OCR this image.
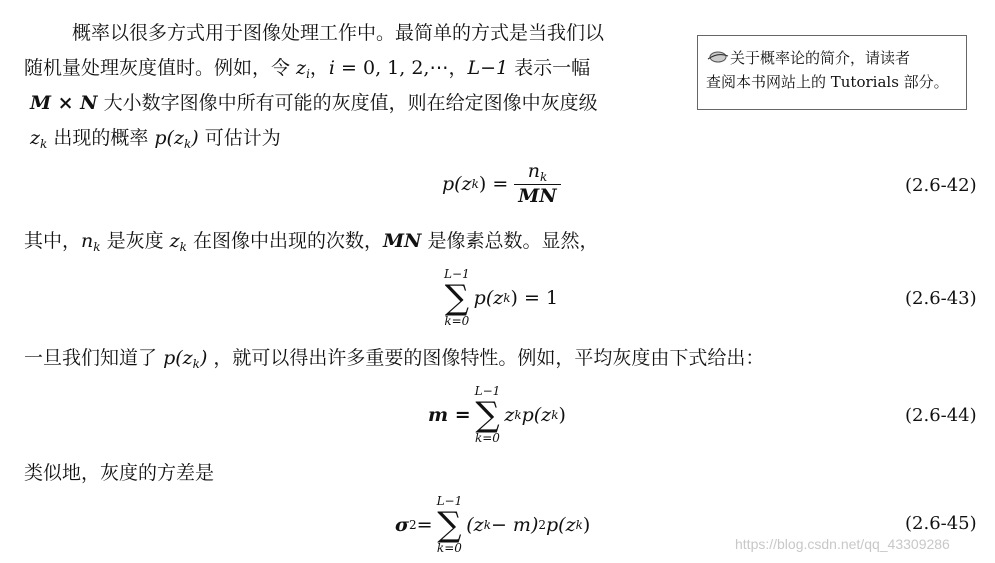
概率以很多方式用于图像处理工作中。最简单的方式是当我们以
随机量处理灰度值时。例如，令 $z_i$，i = 0, 1, 2,⋯，L−1 表示一幅
M × N 大小数字图像中所有可能的灰度值，则在给定图像中灰度级
$z_k$ 出现的概率 $p(z_k)$ 可估计为
关于概率论的简介，请读者
查阅本书网站上的 Tutorials 部分。
p(z k ) = $\frac{n_k}{MN}$	(2.6-42)
其中，$n_k$ 是灰度 $z_k$ 在图像中出现的次数，MN 是像素总数。显然，
L−1
∑
k=0
p(z k ) = 1	(2.6-43)
一旦我们知道了 $p(z_k)$ ，就可以得出许多重要的图像特性。例如，平均灰度由下式给出：
m =
L−1
∑
k=0
z k p(z k )	(2.6-44)
类似地，灰度的方差是
σ 2 =
L−1
∑
k=0
(z k − m) 2 p(z k )	(2.6-45)
https://blog.csdn.net/qq_43309286
